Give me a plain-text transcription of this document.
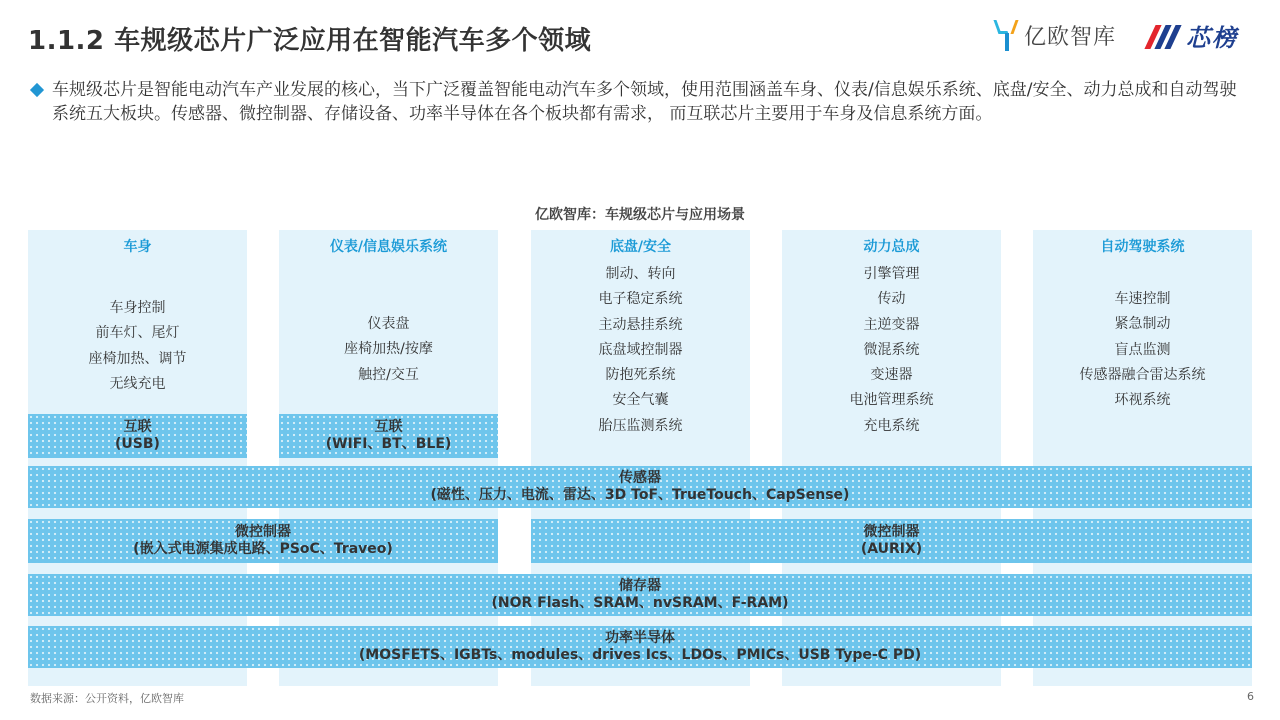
1.1.2 车规级芯片广泛应用在智能汽车多个领域	亿欧智库	芯榜
车规级芯片是智能电动汽车产业发展的核心，当下广泛覆盖智能电动汽车多个领域，使用范围涵盖车身、仪表/信息娱乐系统、底盘/安全、动力总成和自动驾驶系统五大板块。传感器、微控制器、存储设备、功率半导体在各个板块都有需求， 而互联芯片主要用于车身及信息系统方面。
亿欧智库：车规级芯片与应用场景
车身
车身控制
前车灯、尾灯
座椅加热、调节
无线充电
仪表/信息娱乐系统
仪表盘
座椅加热/按摩
触控/交互
底盘/安全
制动、转向
电子稳定系统
主动悬挂系统
底盘域控制器
防抱死系统
安全气囊
胎压监测系统
动力总成
引擎管理
传动
主逆变器
微混系统
变速器
电池管理系统
充电系统
自动驾驶系统
车速控制
紧急制动
盲点监测
传感器融合雷达系统
环视系统
互联
(USB)
互联
(WIFI、BT、BLE)
传感器
(磁性、压力、电流、雷达、3D ToF、TrueTouch、CapSense)
微控制器
(嵌入式电源集成电路、PSoC、Traveo)
微控制器
(AURIX)
储存器
(NOR Flash、SRAM、nvSRAM、F-RAM)
功率半导体
(MOSFETS、IGBTs、modules、drives Ics、LDOs、PMICs、USB Type-C PD)
数据来源：公开资料，亿欧智库	6
